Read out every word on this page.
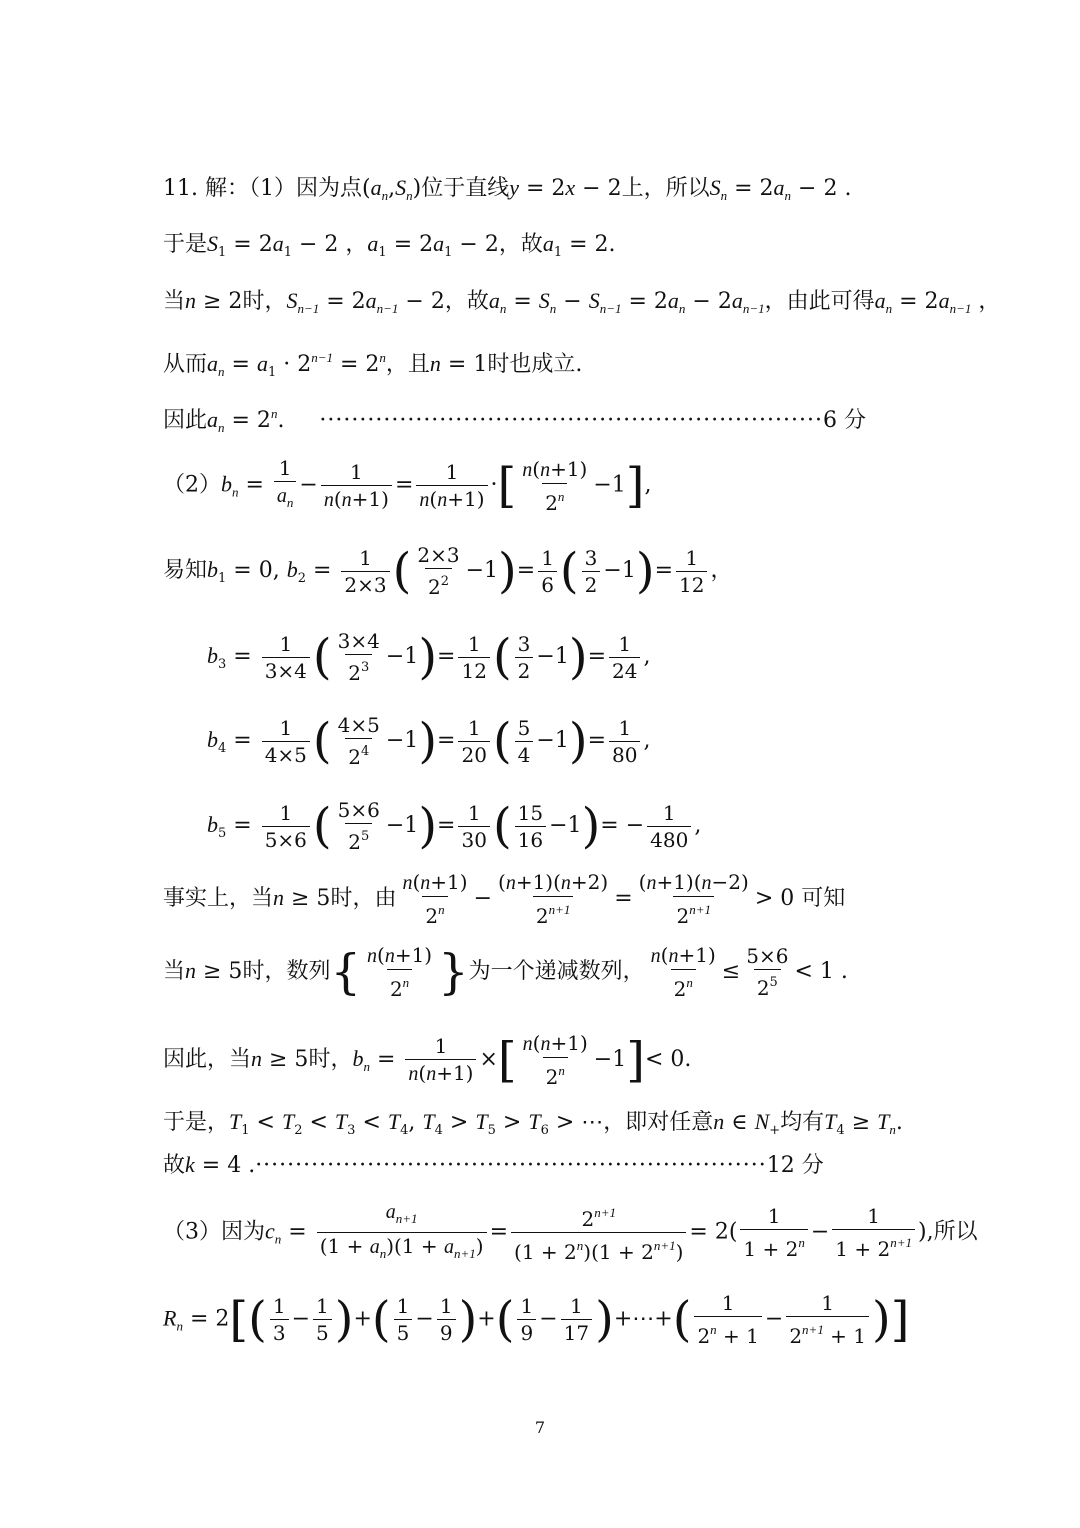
11. 解：（1）因为点$(a_n,S_n)$位于直线y = 2x − 2上，所以$S_n = 2a_n - 2$ .
于是$S_1 = 2a_1 - 2$ ，$a_1 = 2a_1 - 2$，故$a_1 = 2$.
当n ≥ 2时，$S_{n-1} = 2a_{n-1} - 2$，故$a_n = S_n - S_{n-1} = 2a_n - 2a_{n-1}$，由此可得$a_n = 2a_{n-1}$ ，
从而$a_n = a_1 \cdot 2^{n-1} = 2^n$，且n = 1时也成立.
因此$a_n = 2^n$.     ·······························································6 分
$(2)b_n = \frac{1}{a_n} - \frac{1}{n(n+1)} = \frac{1}{n(n+1)}$ ·[ $\frac{n(n+1)}{2^n} -1$],
易知$b_1 = 0$, $b_2 = \frac{1}{2\times 3}$ ( $\frac{2\times 3}{2^2} -1)= \frac{1}{6}$ ( $\frac{3}{2} -1)= \frac{1}{12}$ ，
$b_3 = \frac{1}{3\times 4}$ ( $\frac{3\times 4}{2^3} -1)= \frac{1}{12}$ ( $\frac{3}{2} -1)= \frac{1}{24}$ ,
$b_4 = \frac{1}{4\times 5}$ ( $\frac{4\times 5}{2^4} -1)= \frac{1}{20}$ ( $\frac{5}{4} -1)= \frac{1}{80}$ ,
$b_5 = \frac{1}{5\times 6}$ ( $\frac{5\times 6}{2^5} -1)= \frac{1}{30}$ ( $\frac{15}{16} -1)= - \frac{1}{480}$ ,
事实上，当n ≥ 5时，由 $\frac{n(n+1)}{2^n} - \frac{(n+1)(n+2)}{2^{n+1}} = \frac{(n+1)(n-2)}{2^{n+1}} > 0$ 可知
当n ≥ 5时，数列{ $\frac{n(n+1)}{2^n}$ }为一个递减数列， $\frac{n(n+1)}{2^n} \le \frac{5\times 6}{2^5} < 1$ .
因此，当n ≥ 5时，$b_n = \frac{1}{n(n+1)}$ ×[ $\frac{n(n+1)}{2^n} -1]< 0$.
于是，$T_1 < T_2 < T_3 < T_4$, $T_4 > T_5 > T_6$ > ⋯，即对任意n ∈ $N_+$均有$T_4 \ge T_n$.
故k = 4 .································································12 分
（3）因为$c_n = \frac{a_{n+1}}{(1 + a_n)(1 + a_{n+1})} = \frac{2^{n+1}}{(1 + 2^n)(1 + 2^{n+1})} = 2( \frac{1}{1 + 2^n} - \frac{1}{1 + 2^{n+1}}$ ),所以
$R_n = 2[( \frac{1}{3} - \frac{1}{5}$ )+( $\frac{1}{5} - \frac{1}{9}$ )+( $\frac{1}{9} - \frac{1}{17}$ )+⋯+( $\frac{1}{2^n + 1} - \frac{1}{2^{n+1} + 1}$ )]
7
